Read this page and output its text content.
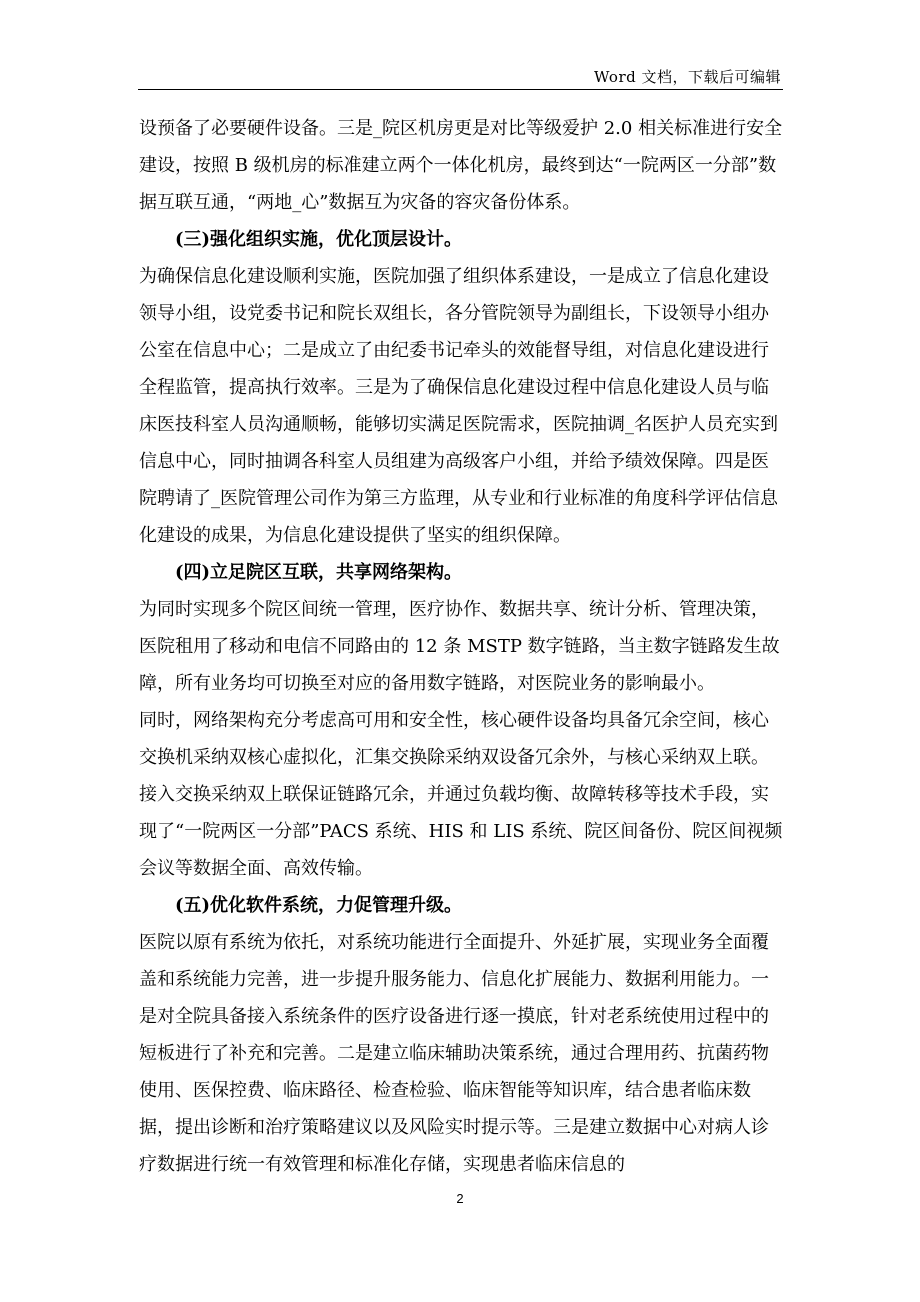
Word 文档，下载后可编辑

设预备了必要硬件设备。三是_院区机房更是对比等级爱护 2.0 相关标准进行安全建设，按照 B 级机房的标准建立两个一体化机房，最终到达“一院两区一分部”数据互联互通，“两地_心”数据互为灾备的容灾备份体系。

(三)强化组织实施，优化顶层设计。

为确保信息化建设顺利实施，医院加强了组织体系建设，一是成立了信息化建设领导小组，设党委书记和院长双组长，各分管院领导为副组长，下设领导小组办公室在信息中心；二是成立了由纪委书记牵头的效能督导组，对信息化建设进行全程监管，提高执行效率。三是为了确保信息化建设过程中信息化建设人员与临床医技科室人员沟通顺畅，能够切实满足医院需求，医院抽调_名医护人员充实到信息中心，同时抽调各科室人员组建为高级客户小组，并给予绩效保障。四是医院聘请了_医院管理公司作为第三方监理，从专业和行业标准的角度科学评估信息化建设的成果，为信息化建设提供了坚实的组织保障。

(四)立足院区互联，共享网络架构。

为同时实现多个院区间统一管理，医疗协作、数据共享、统计分析、管理决策，医院租用了移动和电信不同路由的 12 条 MSTP 数字链路，当主数字链路发生故障，所有业务均可切换至对应的备用数字链路，对医院业务的影响最小。

同时，网络架构充分考虑高可用和安全性，核心硬件设备均具备冗余空间，核心交换机采纳双核心虚拟化，汇集交换除采纳双设备冗余外，与核心采纳双上联。接入交换采纳双上联保证链路冗余，并通过负载均衡、故障转移等技术手段，实现了“一院两区一分部”PACS 系统、HIS 和 LIS 系统、院区间备份、院区间视频会议等数据全面、高效传输。

(五)优化软件系统，力促管理升级。

医院以原有系统为依托，对系统功能进行全面提升、外延扩展，实现业务全面覆盖和系统能力完善，进一步提升服务能力、信息化扩展能力、数据利用能力。一是对全院具备接入系统条件的医疗设备进行逐一摸底，针对老系统使用过程中的短板进行了补充和完善。二是建立临床辅助决策系统，通过合理用药、抗菌药物使用、医保控费、临床路径、检查检验、临床智能等知识库，结合患者临床数据，提出诊断和治疗策略建议以及风险实时提示等。三是建立数据中心对病人诊疗数据进行统一有效管理和标准化存储，实现患者临床信息的

2
